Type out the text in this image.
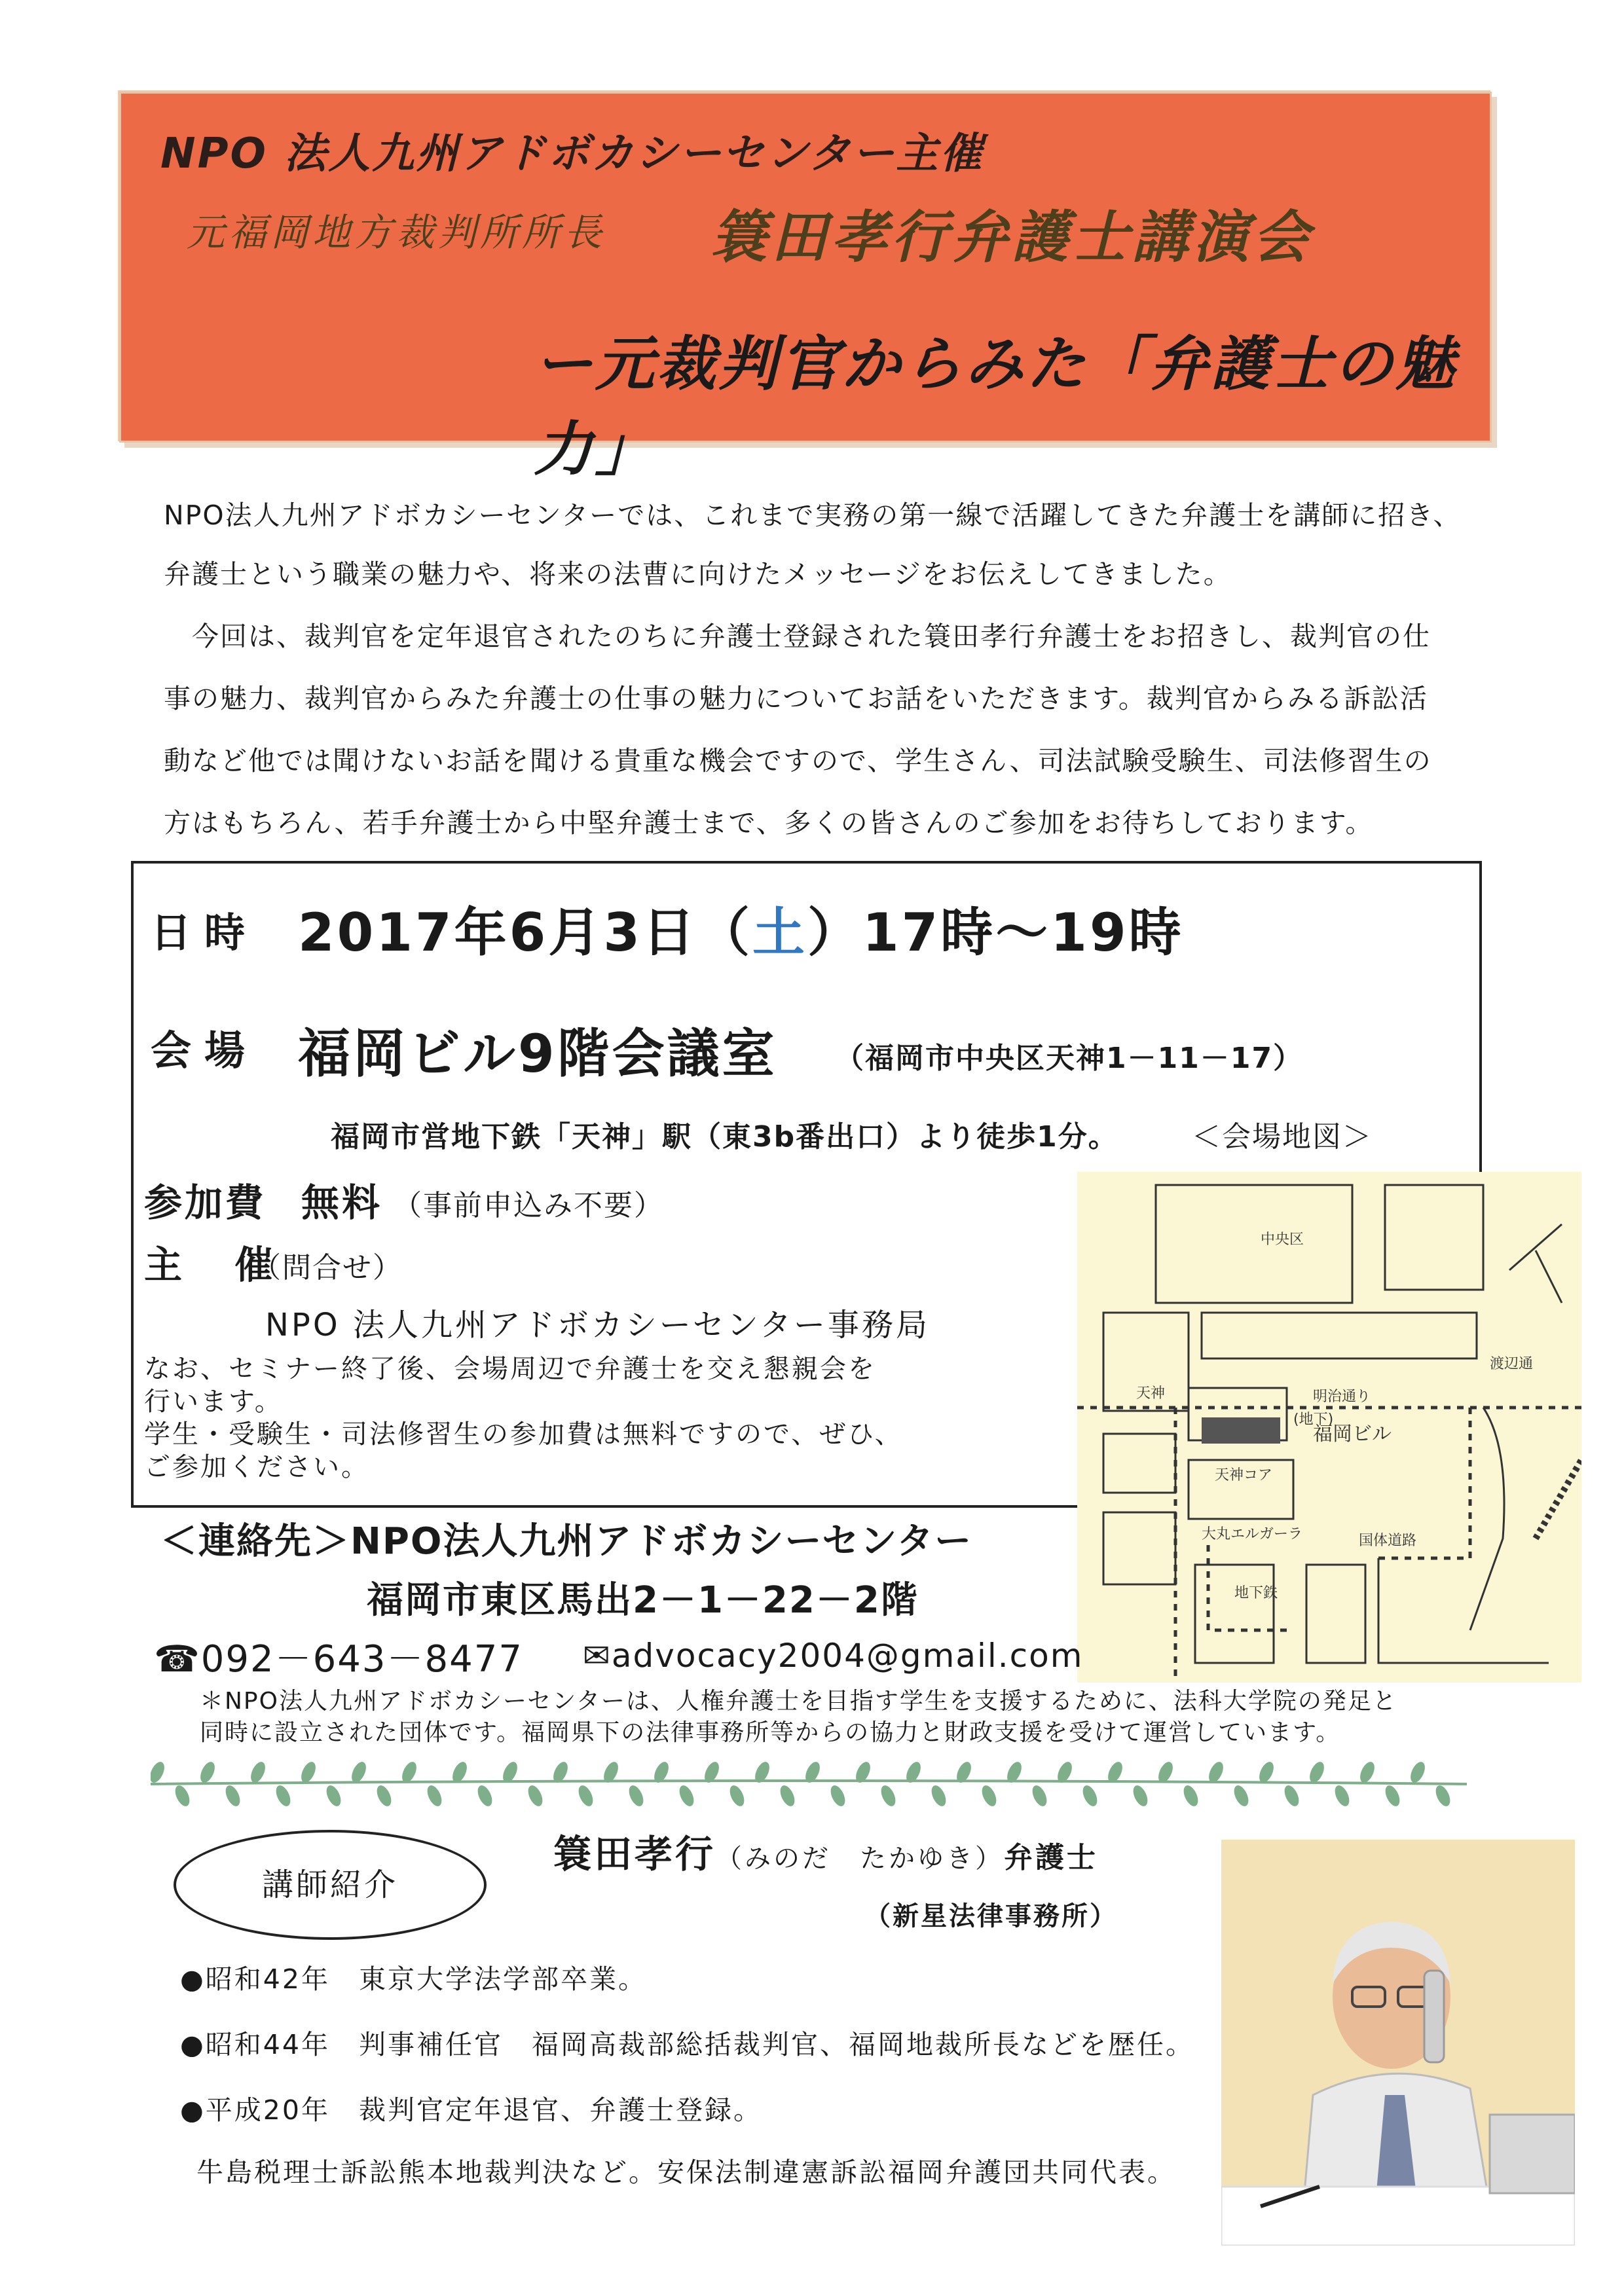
NPO 法人九州アドボカシーセンター主催
元福岡地方裁判所所長 簑田孝行弁護士講演会
ー元裁判官からみた「弁護士の魅力」
NPO法人九州アドボカシーセンターでは、これまで実務の第一線で活躍してきた弁護士を講師に招き、
弁護士という職業の魅力や、将来の法曹に向けたメッセージをお伝えしてきました。
　今回は、裁判官を定年退官されたのちに弁護士登録された簑田孝行弁護士をお招きし、裁判官の仕
事の魅力、裁判官からみた弁護士の仕事の魅力についてお話をいただきます。裁判官からみる訴訟活
動など他では聞けないお話を聞ける貴重な機会ですので、学生さん、司法試験受験生、司法修習生の
方はもちろん、若手弁護士から中堅弁護士まで、多くの皆さんのご参加をお待ちしております。
日時 2017年6月3日（土）17時～19時
会場 福岡ビル9階会議室 （福岡市中央区天神1－11－17）
福岡市営地下鉄「天神」駅（東3b番出口）より徒歩1分。	＜会場地図＞
参加費 無料 （事前申込み不要）
主 催
（問合せ）
NPO 法人九州アドボカシーセンター事務局
なお、セミナー終了後、会場周辺で弁護士を交え懇親会を
行います。
学生・受験生・司法修習生の参加費は無料ですので、ぜひ、
ご参加ください。
福岡ビル
(地下)
明治通り
天神コア
大丸エルガーラ	国体道路
地下鉄
天神
中央区
渡辺通
＜連絡先＞NPO法人九州アドボカシーセンター
福岡市東区馬出2－1－22－2階
☎092－643－8477 ✉advocacy2004@gmail.com
＊NPO法人九州アドボカシーセンターは、人権弁護士を目指す学生を支援するために、法科大学院の発足と
同時に設立された団体です。福岡県下の法律事務所等からの協力と財政支援を受けて運営しています。
講師紹介
簑田孝行（みのだ　たかゆき）弁護士
（新星法律事務所）
●昭和42年　 東京大学法学部卒業。
●昭和44年　 判事補任官　福岡高裁部総括裁判官、福岡地裁所長などを歴任。
●平成20年　 裁判官定年退官、弁護士登録。
牛島税理士訴訟熊本地裁判決など。安保法制違憲訴訟福岡弁護団共同代表。
